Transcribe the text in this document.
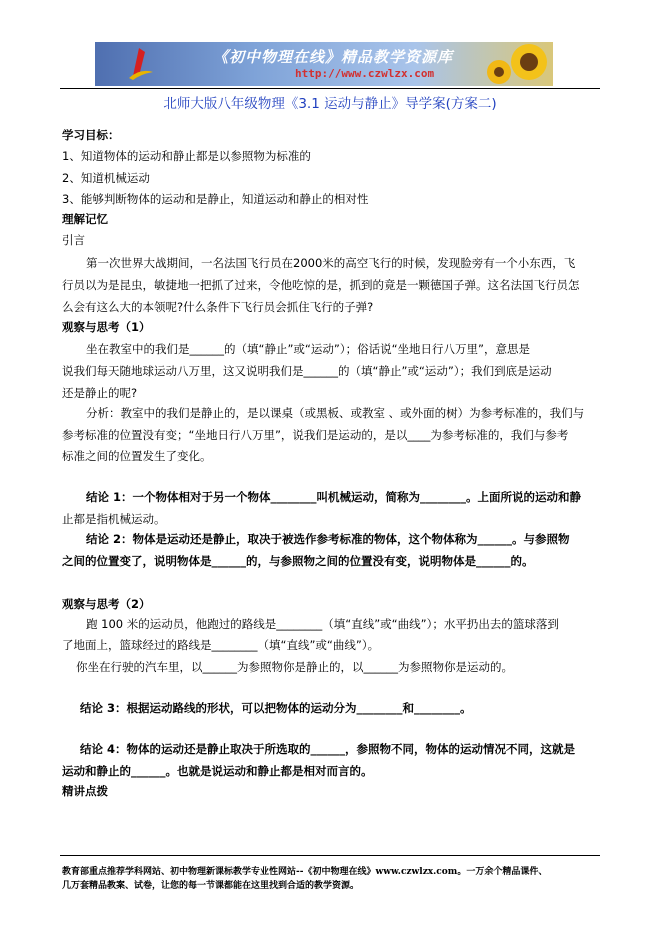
《初中物理在线》精品教学资源库
http://www.czwlzx.com
北师大版八年级物理《3.1 运动与静止》导学案(方案二)
学习目标：
1、知道物体的运动和静止都是以参照物为标准的
2、知道机械运动
3、能够判断物体的运动和是静止，知道运动和静止的相对性
理解记忆
引言
第一次世界大战期间，一名法国飞行员在2000米的高空飞行的时候，发现脸旁有一个小东西，飞
行员以为是昆虫，敏捷地一把抓了过来，令他吃惊的是，抓到的竟是一颗德国子弹。这名法国飞行员怎
么会有这么大的本领呢?什么条件下飞行员会抓住飞行的子弹?
观察与思考（1）
坐在教室中的我们是______的（填“静止”或“运动”）；俗话说“坐地日行八万里”，意思是
说我们每天随地球运动八万里，这又说明我们是______的（填“静止”或“运动”）；我们到底是运动
还是静止的呢?
分析：教室中的我们是静止的，是以课桌（或黑板、或教室 、或外面的树）为参考标准的，我们与
参考标准的位置没有变；“坐地日行八万里”，说我们是运动的，是以____为参考标准的，我们与参考
标准之间的位置发生了变化。
结论 1：一个物体相对于另一个物体________叫机械运动，简称为________。上面所说的运动和静
止都是指机械运动。
结论 2：物体是运动还是静止，取决于被选作参考标准的物体，这个物体称为______。与参照物
之间的位置变了，说明物体是______的，与参照物之间的位置没有变，说明物体是______的。
观察与思考（2）
跑 100 米的运动员，他跑过的路线是________（填“直线”或“曲线”）；水平扔出去的篮球落到
了地面上，篮球经过的路线是________（填“直线”或“曲线”）。
你坐在行驶的汽车里，以______为参照物你是静止的，以______为参照物你是运动的。
结论 3：根据运动路线的形状，可以把物体的运动分为________和________。
结论 4：物体的运动还是静止取决于所选取的______，参照物不同，物体的运动情况不同，这就是
运动和静止的______。也就是说运动和静止都是相对而言的。
精讲点拨
教育部重点推荐学科网站、初中物理新课标教学专业性网站--《初中物理在线》www.czwlzx.com。一万余个精品课件、
几万套精品教案、试卷，让您的每一节课都能在这里找到合适的教学资源。
